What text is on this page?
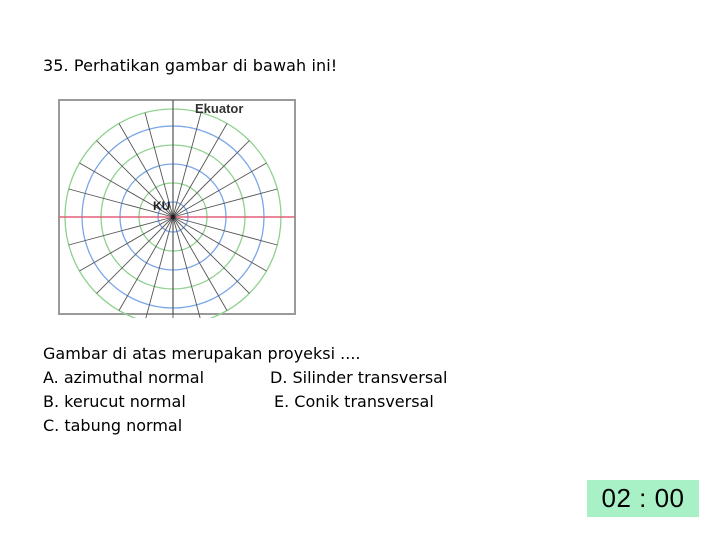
35. Perhatikan gambar di bawah ini!
Ekuator
KU
Gambar di atas merupakan proyeksi ....
A. azimuthal normal	D. Silinder transversal
B. kerucut normal	E. Conik transversal
C. tabung normal
02 : 00
